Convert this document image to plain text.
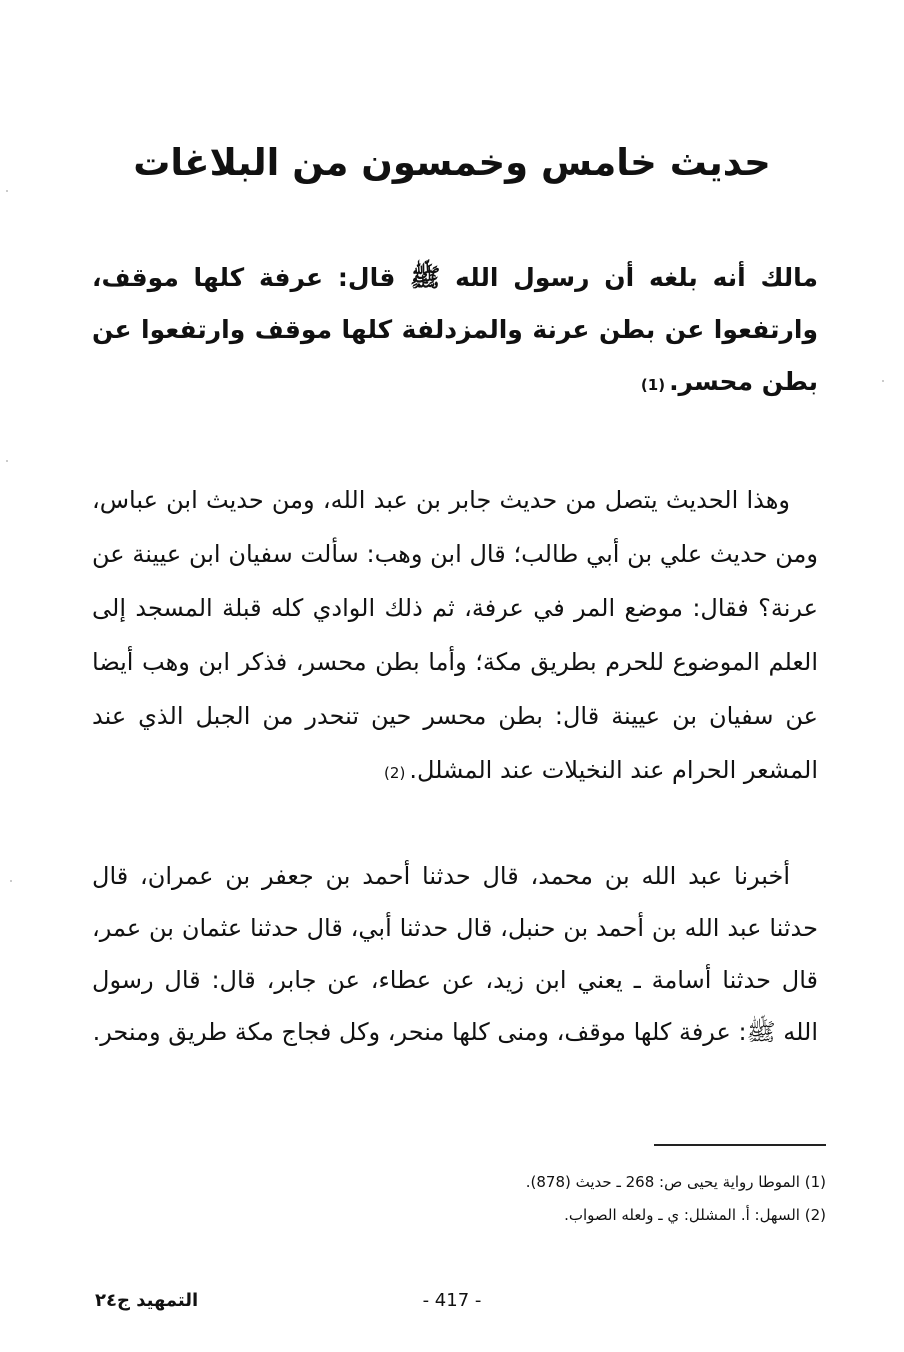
حديث خامس وخمسون من البلاغات
مالك أنه بلغه أن رسول الله ﷺ قال: عرفة كلها موقف، وارتفعوا عن بطن عرنة والمزدلفة كلها موقف وارتفعوا عن بطن محسر.(1)
وهذا الحديث يتصل من حديث جابر بن عبد الله، ومن حديث ابن عباس، ومن حديث علي بن أبي طالب؛ قال ابن وهب: سألت سفيان ابن عيينة عن عرنة؟ فقال: موضع المر في عرفة، ثم ذلك الوادي كله قبلة المسجد إلى العلم الموضوع للحرم بطريق مكة؛ وأما بطن محسر، فذكر ابن وهب أيضا عن سفيان بن عيينة قال: بطن محسر حين تنحدر من الجبل الذي عند المشعر الحرام عند النخيلات عند المشلل.(2)
أخبرنا عبد الله بن محمد، قال حدثنا أحمد بن جعفر بن عمران، قال حدثنا عبد الله بن أحمد بن حنبل، قال حدثنا أبي، قال حدثنا عثمان بن عمر، قال حدثنا أسامة ـ يعني ابن زيد، عن عطاء، عن جابر، قال: قال رسول الله ﷺ: عرفة كلها موقف، ومنى كلها منحر، وكل فجاج مكة طريق ومنحر.
(1) الموطا رواية يحيى ص: 268 ـ حديث (878).
(2) السهل: أ. المشلل: ي ـ ولعله الصواب.
- 417 -
التمهيد ج٢٤
